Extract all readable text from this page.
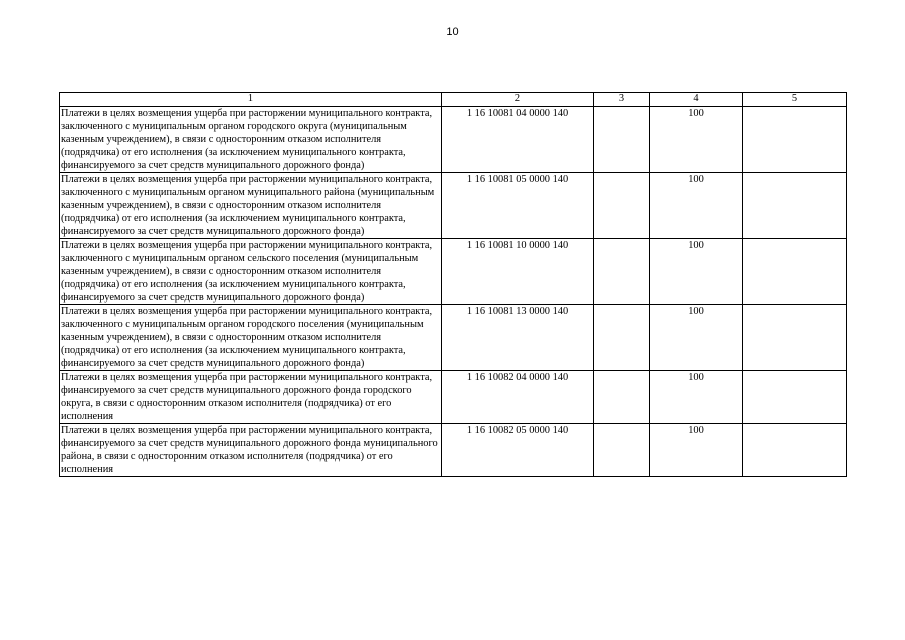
10
1	2	3	4	5
Платежи в целях возмещения ущерба при расторжении муниципального контракта, заключенного с муниципальным органом городского округа (муниципальным казенным учреждением), в связи с односторонним отказом исполнителя (подрядчика) от его исполнения (за исключением муниципального контракта, финансируемого за счет средств муниципального дорожного фонда)	1 16 10081 04 0000 140		100	
Платежи в целях возмещения ущерба при расторжении муниципального контракта, заключенного с муниципальным органом муниципального района (муниципальным казенным учреждением), в связи с односторонним отказом исполнителя (подрядчика) от его исполнения (за исключением муниципального контракта, финансируемого за счет средств муниципального дорожного фонда)	1 16 10081 05 0000 140		100	
Платежи в целях возмещения ущерба при расторжении муниципального контракта, заключенного с муниципальным органом сельского поселения (муниципальным казенным учреждением), в связи с односторонним отказом исполнителя (подрядчика) от его исполнения (за исключением муниципального контракта, финансируемого за счет средств муниципального дорожного фонда)	1 16 10081 10 0000 140		100	
Платежи в целях возмещения ущерба при расторжении муниципального контракта, заключенного с муниципальным органом городского поселения (муниципальным казенным учреждением), в связи с односторонним отказом исполнителя (подрядчика) от его исполнения (за исключением муниципального контракта, финансируемого за счет средств муниципального дорожного фонда)	1 16 10081 13 0000 140		100	
Платежи в целях возмещения ущерба при расторжении муниципального контракта, финансируемого за счет средств муниципального дорожного фонда городского округа, в связи с односторонним отказом исполнителя (подрядчика) от его исполнения	1 16 10082 04 0000 140		100	
Платежи в целях возмещения ущерба при расторжении муниципального контракта, финансируемого за счет средств муниципального дорожного фонда муниципального района, в связи с односторонним отказом исполнителя (подрядчика) от его исполнения	1 16 10082 05 0000 140		100	
